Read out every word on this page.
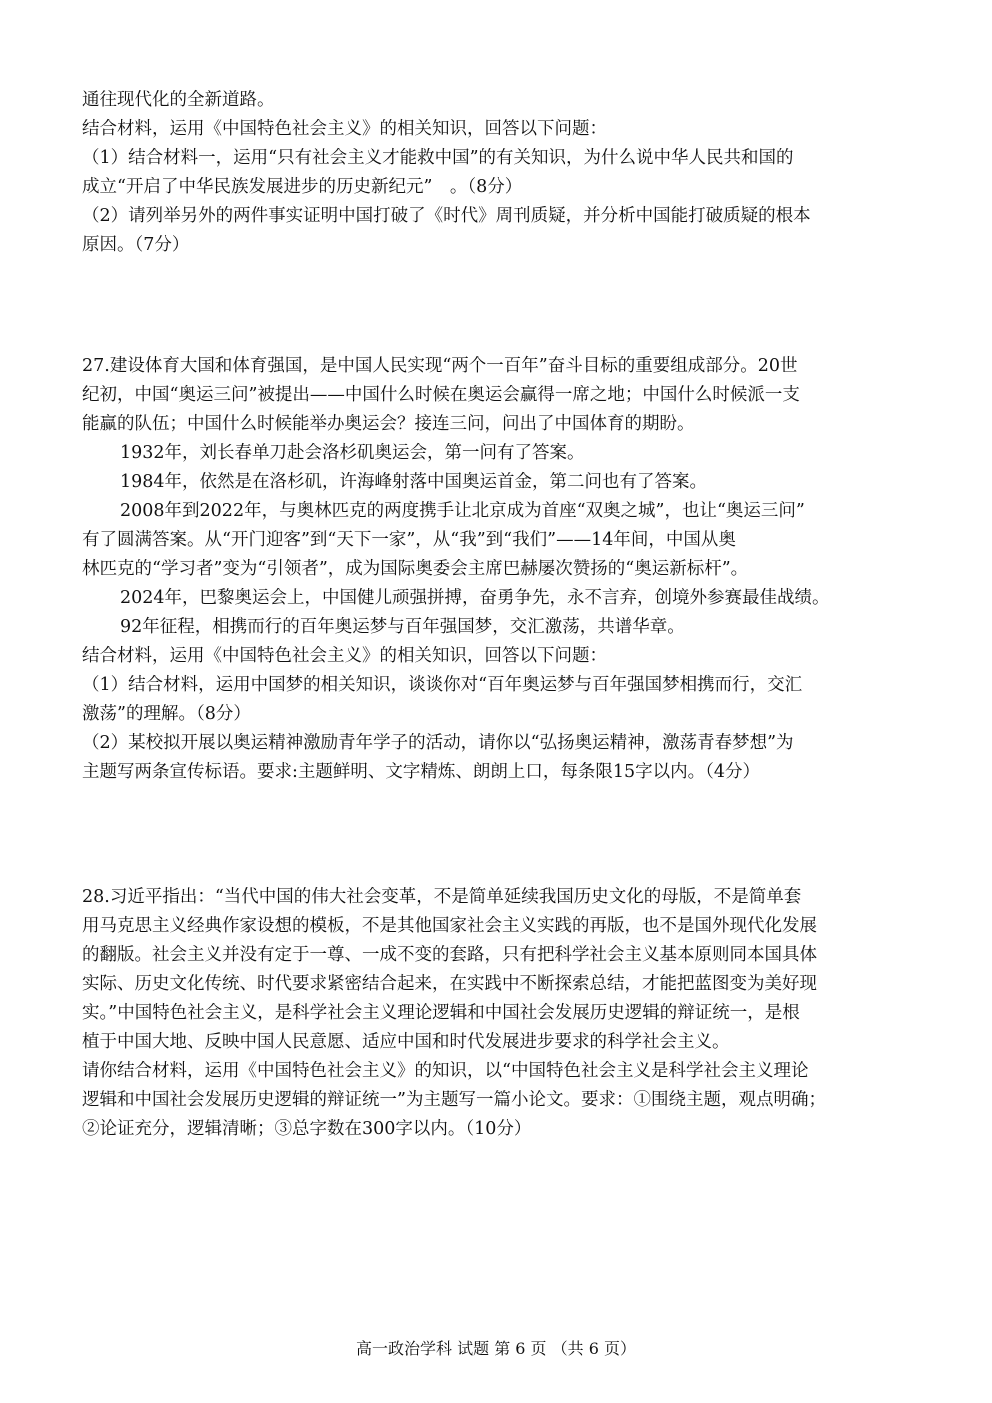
通往现代化的全新道路。
结合材料，运用《中国特色社会主义》的相关知识，回答以下问题：
（1）结合材料一，运用“只有社会主义才能救中国”的有关知识，为什么说中华人民共和国的
成立“开启了中华民族发展进步的历史新纪元”　。（8分）
（2）请列举另外的两件事实证明中国打破了《时代》周刊质疑，并分析中国能打破质疑的根本
原因。（7分）
27.建设体育大国和体育强国，是中国人民实现“两个一百年”奋斗目标的重要组成部分。20世
纪初，中国“奥运三问”被提出——中国什么时候在奥运会赢得一席之地；中国什么时候派一支
能赢的队伍；中国什么时候能举办奥运会？接连三问，问出了中国体育的期盼。
1932年，刘长春单刀赴会洛杉矶奥运会，第一问有了答案。
1984年，依然是在洛杉矶，许海峰射落中国奥运首金，第二问也有了答案。
2008年到2022年，与奥林匹克的两度携手让北京成为首座“双奥之城”，也让“奥运三问”
有了圆满答案。从“开门迎客”到“天下一家”，从“我”到“我们”——14年间，中国从奥
林匹克的“学习者”变为“引领者”，成为国际奥委会主席巴赫屡次赞扬的“奥运新标杆”。
2024年，巴黎奥运会上，中国健儿顽强拼搏，奋勇争先，永不言弃，创境外参赛最佳战绩。
92年征程，相携而行的百年奥运梦与百年强国梦，交汇激荡，共谱华章。
结合材料，运用《中国特色社会主义》的相关知识，回答以下问题：
（1）结合材料，运用中国梦的相关知识，谈谈你对“百年奥运梦与百年强国梦相携而行，交汇
激荡”的理解。（8分）
（2）某校拟开展以奥运精神激励青年学子的活动，请你以“弘扬奥运精神，激荡青春梦想”为
主题写两条宣传标语。要求:主题鲜明、文字精炼、朗朗上口，每条限15字以内。（4分）
28.习近平指出：“当代中国的伟大社会变革，不是简单延续我国历史文化的母版，不是简单套
用马克思主义经典作家设想的模板，不是其他国家社会主义实践的再版，也不是国外现代化发展
的翻版。社会主义并没有定于一尊、一成不变的套路，只有把科学社会主义基本原则同本国具体
实际、历史文化传统、时代要求紧密结合起来，在实践中不断探索总结，才能把蓝图变为美好现
实。”中国特色社会主义，是科学社会主义理论逻辑和中国社会发展历史逻辑的辩证统一，是根
植于中国大地、反映中国人民意愿、适应中国和时代发展进步要求的科学社会主义。
请你结合材料，运用《中国特色社会主义》的知识，以“中国特色社会主义是科学社会主义理论
逻辑和中国社会发展历史逻辑的辩证统一”为主题写一篇小论文。要求：①围绕主题，观点明确；
②论证充分，逻辑清晰；③总字数在300字以内。（10分）
高一政治学科 试题 第 6 页 （共 6 页）
